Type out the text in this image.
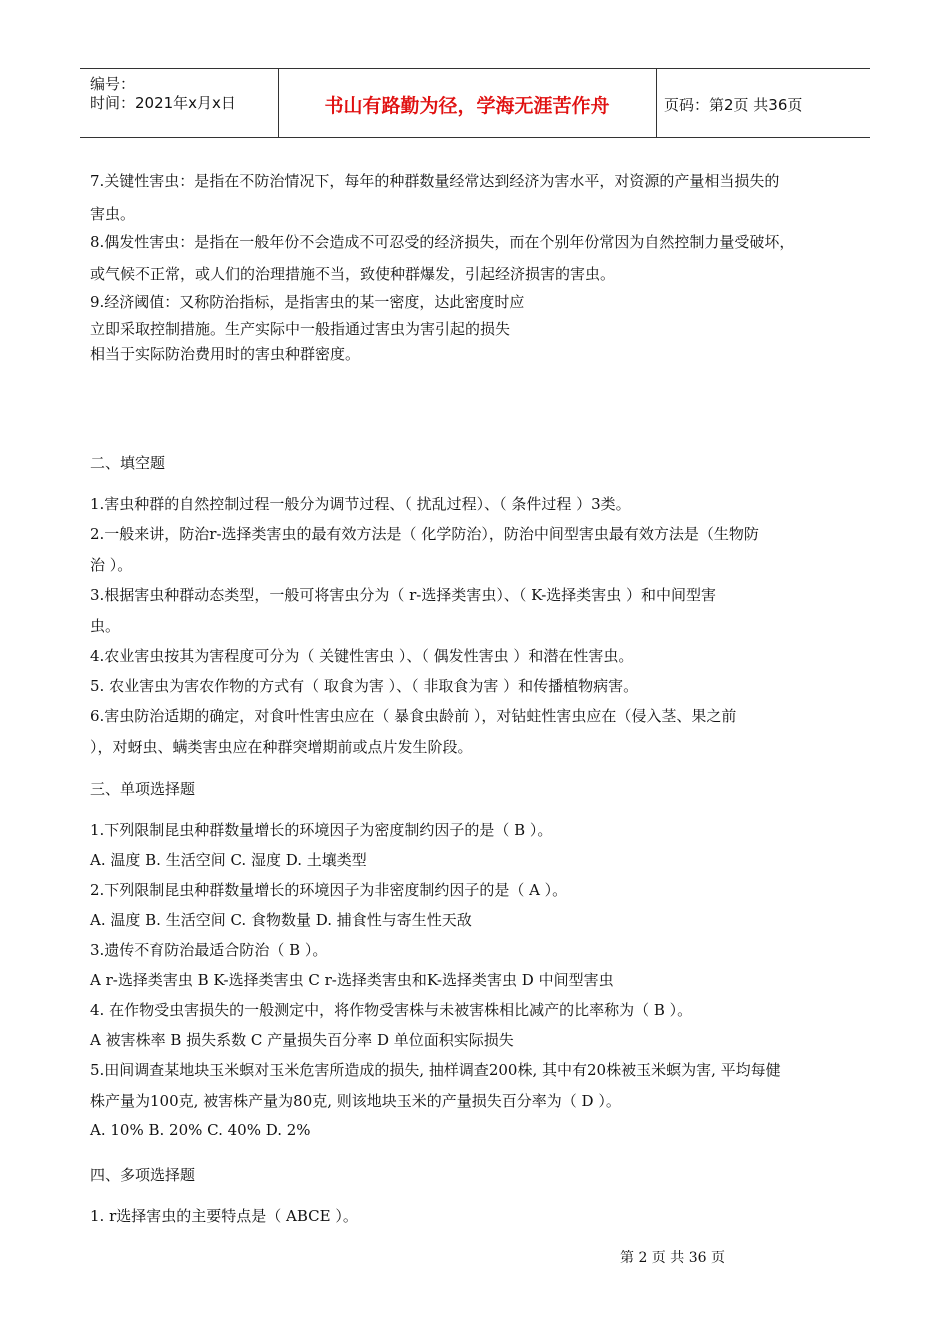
编号：
时间：2021年x月x日	书山有路勤为径，学海无涯苦作舟	页码：第2页 共36页
7.关键性害虫：是指在不防治情况下，每年的种群数量经常达到经济为害水平，对资源的产量相当损失的
害虫。
8.偶发性害虫：是指在一般年份不会造成不可忍受的经济损失，而在个别年份常因为自然控制力量受破坏，
或气候不正常，或人们的治理措施不当，致使种群爆发，引起经济损害的害虫。
9.经济阈值：又称防治指标，是指害虫的某一密度，达此密度时应
立即采取控制措施。生产实际中一般指通过害虫为害引起的损失
相当于实际防治费用时的害虫种群密度。
二、填空题
1.害虫种群的自然控制过程一般分为调节过程、（ 扰乱过程）、（ 条件过程 ）3类。
2.一般来讲，防治r-选择类害虫的最有效方法是（ 化学防治），防治中间型害虫最有效方法是（生物防
治 ）。
3.根据害虫种群动态类型，一般可将害虫分为（ r-选择类害虫）、（ K-选择类害虫 ）和中间型害
虫。
4.农业害虫按其为害程度可分为（ 关键性害虫 ）、（ 偶发性害虫 ）和潜在性害虫。
5. 农业害虫为害农作物的方式有（ 取食为害 ）、（ 非取食为害 ）和传播植物病害。
6.害虫防治适期的确定，对食叶性害虫应在（ 暴食虫龄前 ），对钻蛀性害虫应在（侵入茎、果之前
），对蚜虫、螨类害虫应在种群突增期前或点片发生阶段。
三、单项选择题
1.下列限制昆虫种群数量增长的环境因子为密度制约因子的是（ B ）。
A. 温度 B. 生活空间 C. 湿度 D. 土壤类型
2.下列限制昆虫种群数量增长的环境因子为非密度制约因子的是（ A ）。
A. 温度 B. 生活空间 C. 食物数量 D. 捕食性与寄生性天敌
3.遗传不育防治最适合防治（ B ）。
A r-选择类害虫 B K-选择类害虫 C r-选择类害虫和K-选择类害虫 D 中间型害虫
4. 在作物受虫害损失的一般测定中，将作物受害株与未被害株相比减产的比率称为（ B ）。
A 被害株率 B 损失系数 C 产量损失百分率 D 单位面积实际损失
5.田间调查某地块玉米螟对玉米危害所造成的损失, 抽样调查200株, 其中有20株被玉米螟为害, 平均每健
株产量为100克, 被害株产量为80克, 则该地块玉米的产量损失百分率为（ D ）。
A. 10% B. 20% C. 40% D. 2%
四、多项选择题
1. r选择害虫的主要特点是（ ABCE ）。
第 2 页 共 36 页
